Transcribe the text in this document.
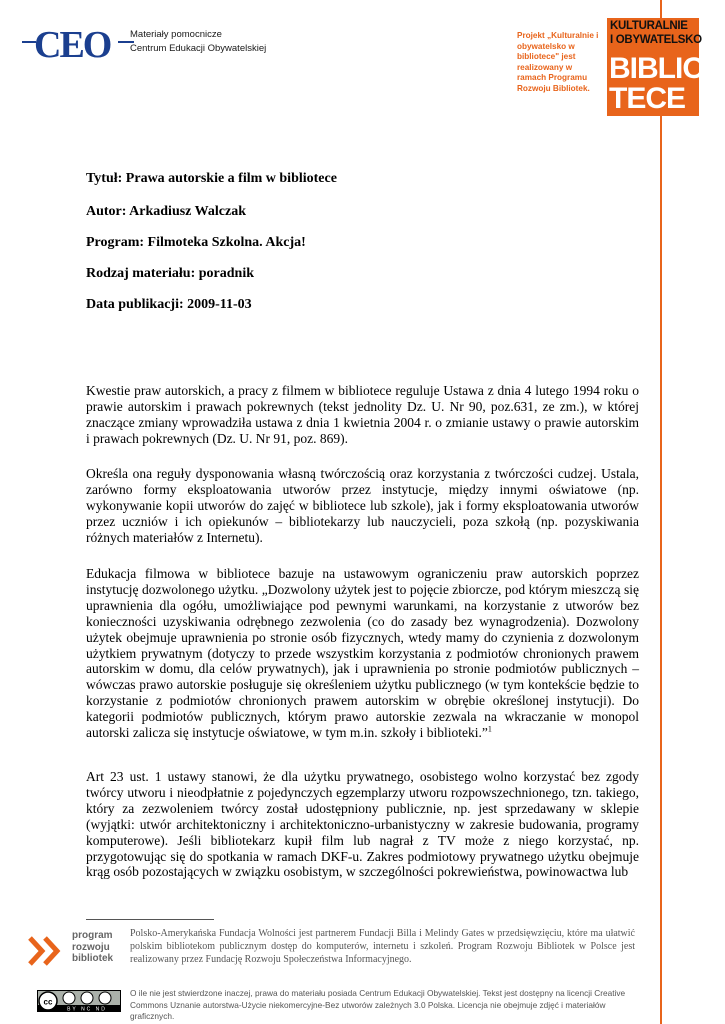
CEO Materiały pomocnicze
Centrum Edukacji Obywatelskiej
Projekt „Kulturalnie i obywatelsko w bibliotece" jest realizowany w ramach Programu Rozwoju Bibliotek.
KULTURALNIE
I OBYWATELSKO
BIBLIO-
TECE
Tytuł: Prawa autorskie a film w bibliotece
Autor: Arkadiusz Walczak
Program: Filmoteka Szkolna. Akcja!
Rodzaj materiału: poradnik
Data publikacji: 2009-11-03

Kwestie praw autorskich, a pracy z filmem w bibliotece reguluje Ustawa z dnia 4 lutego 1994 roku o prawie autorskim i prawach pokrewnych (tekst jednolity Dz. U. Nr 90, poz.631, ze zm.), w której znaczące zmiany wprowadziła ustawa z dnia 1 kwietnia 2004 r. o zmianie ustawy o prawie autorskim i prawach pokrewnych (Dz. U. Nr 91, poz. 869).

Określa ona reguły dysponowania własną twórczością oraz korzystania z twórczości cudzej. Ustala, zarówno formy eksploatowania utworów przez instytucje, między innymi oświatowe (np. wykonywanie kopii utworów do zajęć w bibliotece lub szkole), jak i formy eksploatowania utworów przez uczniów i ich opiekunów – bibliotekarzy lub nauczycieli, poza szkołą (np. pozyskiwania różnych materiałów z Internetu).

Edukacja filmowa w bibliotece bazuje na ustawowym ograniczeniu praw autorskich poprzez instytucję dozwolonego użytku. „Dozwolony użytek jest to pojęcie zbiorcze, pod którym mieszczą się uprawnienia dla ogółu, umożliwiające pod pewnymi warunkami, na korzystanie z utworów bez konieczności uzyskiwania odrębnego zezwolenia (co do zasady bez wynagrodzenia). Dozwolony użytek obejmuje uprawnienia po stronie osób fizycznych, wtedy mamy do czynienia z dozwolonym użytkiem prywatnym (dotyczy to przede wszystkim korzystania z podmiotów chronionych prawem autorskim w domu, dla celów prywatnych), jak i uprawnienia po stronie podmiotów publicznych – wówczas prawo autorskie posługuje się określeniem użytku publicznego (w tym kontekście będzie to korzystanie z podmiotów chronionych prawem autorskim w obrębie określonej instytucji). Do kategorii podmiotów publicznych, którym prawo autorskie zezwala na wkraczanie w monopol autorski zalicza się instytucje oświatowe, w tym m.in. szkoły i biblioteki.”$^1$

Art 23 ust. 1 ustawy stanowi, że dla użytku prywatnego, osobistego wolno korzystać bez zgody twórcy utworu i nieodpłatnie z pojedynczych egzemplarzy utworu rozpowszechnionego, tzn. takiego, który za zezwoleniem twórcy został udostępniony publicznie, np. jest sprzedawany w sklepie (wyjątki: utwór architektoniczny i architektoniczno-urbanistyczny w zakresie budowania, programy komputerowe). Jeśli bibliotekarz kupił film lub nagrał z TV może z niego korzystać, np. przygotowując się do spotkania w ramach DKF-u. Zakres podmiotowy prywatnego użytku obejmuje krąg osób pozostających w związku osobistym, w szczególności pokrewieństwa, powinowactwa lub

program
rozwoju
bibliotek
Polsko-Amerykańska Fundacja Wolności jest partnerem Fundacji Billa i Melindy Gates w przedsięwzięciu, które ma ułatwić polskim bibliotekom publicznym dostęp do komputerów, internetu i szkoleń. Program Rozwoju Bibliotek w Polsce jest realizowany przez Fundację Rozwoju Społeczeństwa Informacyjnego.
cc
BY NC ND
O ile nie jest stwierdzone inaczej, prawa do materiału posiada Centrum Edukacji Obywatelskiej. Tekst jest dostępny na licencji Creative Commons Uznanie autorstwa-Użycie niekomercyjne-Bez utworów zależnych 3.0 Polska. Licencja nie obejmuje zdjęć i materiałów graficznych.
